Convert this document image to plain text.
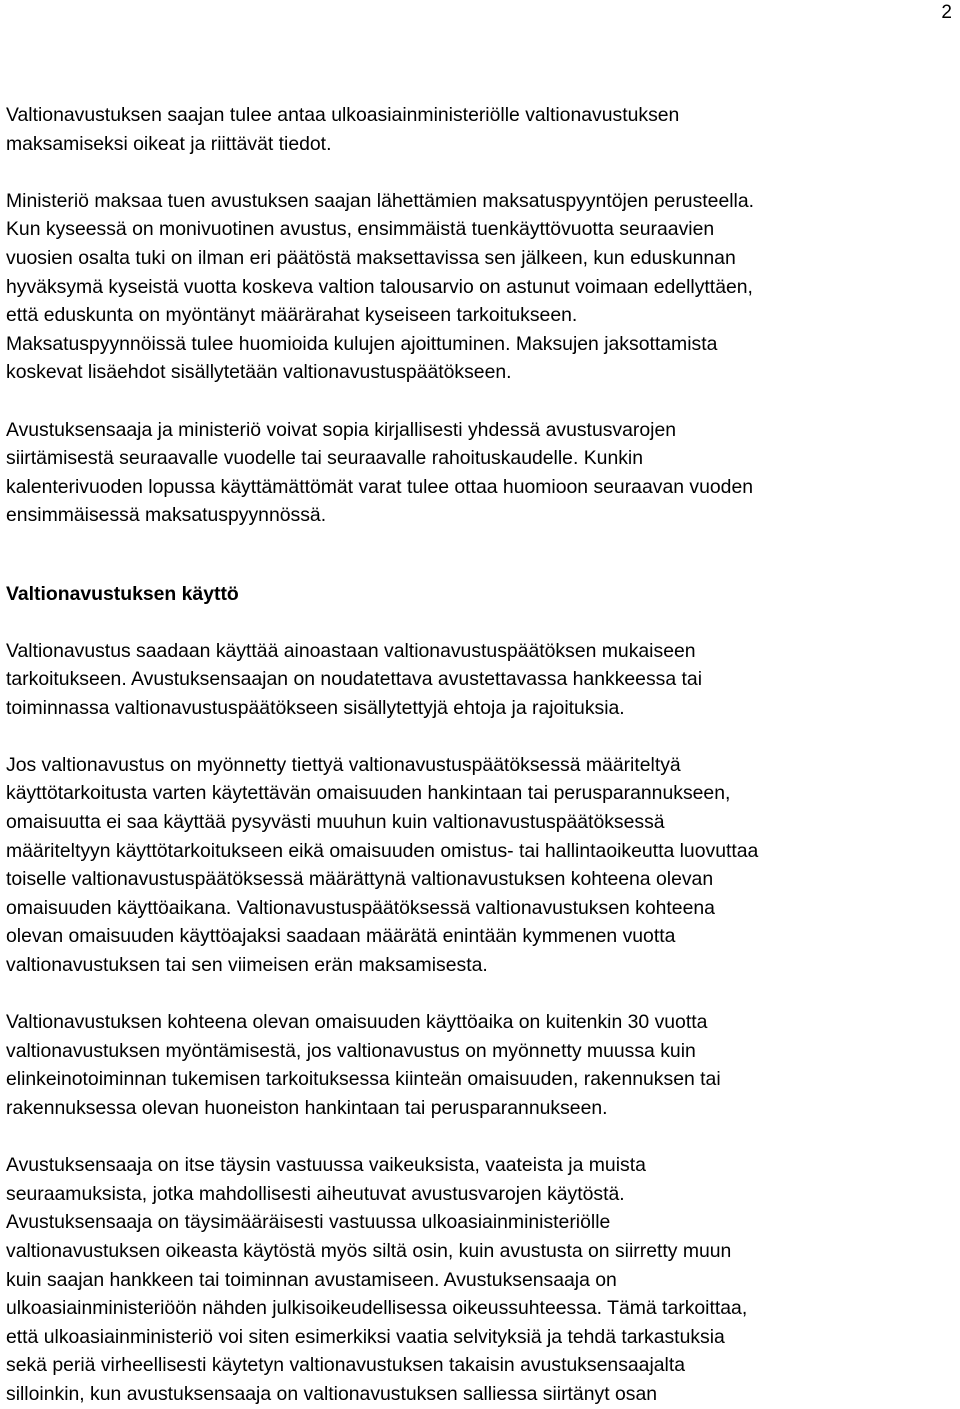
2

Valtionavustuksen saajan tulee antaa ulkoasiainministeriölle valtionavustuksen
maksamiseksi oikeat ja riittävät tiedot.

Ministeriö maksaa tuen avustuksen saajan lähettämien maksatuspyyntöjen perusteella.
Kun kyseessä on monivuotinen avustus, ensimmäistä tuenkäyttövuotta seuraavien
vuosien osalta tuki on ilman eri päätöstä maksettavissa sen jälkeen, kun eduskunnan
hyväksymä kyseistä vuotta koskeva valtion talousarvio on astunut voimaan edellyttäen,
että eduskunta on myöntänyt määrärahat kyseiseen tarkoitukseen.
Maksatuspyynnöissä tulee huomioida kulujen ajoittuminen. Maksujen jaksottamista
koskevat lisäehdot sisällytetään valtionavustuspäätökseen.

Avustuksensaaja ja ministeriö voivat sopia kirjallisesti yhdessä avustusvarojen
siirtämisestä seuraavalle vuodelle tai seuraavalle rahoituskaudelle. Kunkin
kalenterivuoden lopussa käyttämättömät varat tulee ottaa huomioon seuraavan vuoden
ensimmäisessä maksatuspyynnössä.

Valtionavustuksen käyttö

Valtionavustus saadaan käyttää ainoastaan valtionavustuspäätöksen mukaiseen
tarkoitukseen. Avustuksensaajan on noudatettava avustettavassa hankkeessa tai
toiminnassa valtionavustuspäätökseen sisällytettyjä ehtoja ja rajoituksia.

Jos valtionavustus on myönnetty tiettyä valtionavustuspäätöksessä määriteltyä
käyttötarkoitusta varten käytettävän omaisuuden hankintaan tai perusparannukseen,
omaisuutta ei saa käyttää pysyvästi muuhun kuin valtionavustuspäätöksessä
määriteltyyn käyttötarkoitukseen eikä omaisuuden omistus- tai hallintaoikeutta luovuttaa
toiselle valtionavustuspäätöksessä määrättynä valtionavustuksen kohteena olevan
omaisuuden käyttöaikana. Valtionavustuspäätöksessä valtionavustuksen kohteena
olevan omaisuuden käyttöajaksi saadaan määrätä enintään kymmenen vuotta
valtionavustuksen tai sen viimeisen erän maksamisesta.

Valtionavustuksen kohteena olevan omaisuuden käyttöaika on kuitenkin 30 vuotta
valtionavustuksen myöntämisestä, jos valtionavustus on myönnetty muussa kuin
elinkeinotoiminnan tukemisen tarkoituksessa kiinteän omaisuuden, rakennuksen tai
rakennuksessa olevan huoneiston hankintaan tai perusparannukseen.

Avustuksensaaja on itse täysin vastuussa vaikeuksista, vaateista ja muista
seuraamuksista, jotka mahdollisesti aiheutuvat avustusvarojen käytöstä.
Avustuksensaaja on täysimääräisesti vastuussa ulkoasiainministeriölle
valtionavustuksen oikeasta käytöstä myös siltä osin, kuin avustusta on siirretty muun
kuin saajan hankkeen tai toiminnan avustamiseen. Avustuksensaaja on
ulkoasiainministeriöön nähden julkisoikeudellisessa oikeussuhteessa. Tämä tarkoittaa,
että ulkoasiainministeriö voi siten esimerkiksi vaatia selvityksiä ja tehdä tarkastuksia
sekä periä virheellisesti käytetyn valtionavustuksen takaisin avustuksensaajalta
silloinkin, kun avustuksensaaja on valtionavustuksen salliessa siirtänyt osan
